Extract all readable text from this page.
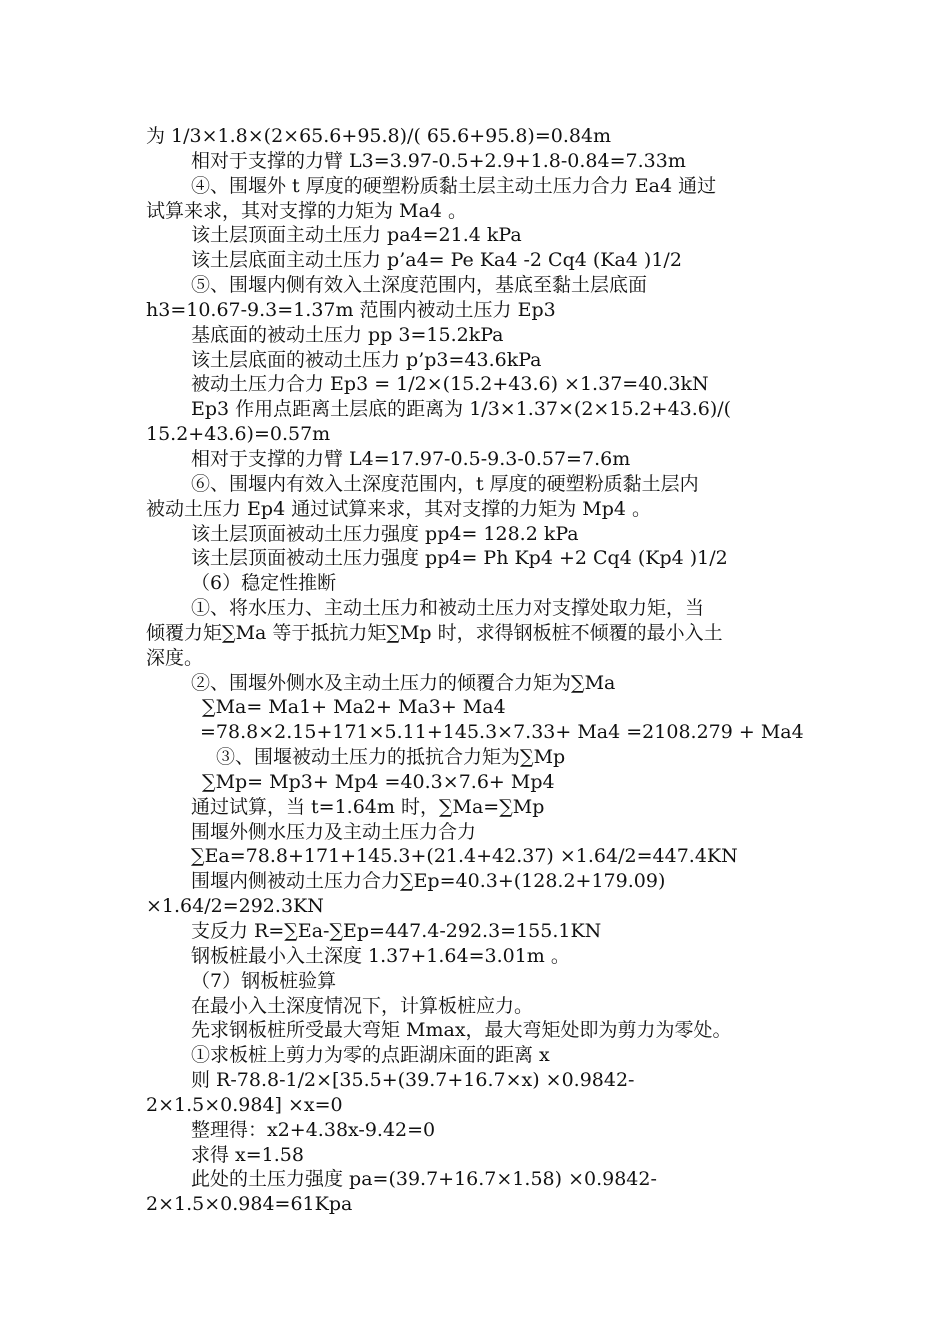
为 1/3×1.8×(2×65.6+95.8)/( 65.6+95.8)=0.84m
相对于支撑的力臂 L3=3.97-0.5+2.9+1.8-0.84=7.33m
④、围堰外 t 厚度的硬塑粉质黏土层主动土压力合力 Ea4 通过
试算来求，其对支撑的力矩为 Ma4 。
该土层顶面主动土压力 pa4=21.4 kPa
该土层底面主动土压力 p’a4= Pe Ka4 -2 Cq4 (Ka4 )1/2
⑤、围堰内侧有效入土深度范围内，基底至黏土层底面
h3=10.67-9.3=1.37m 范围内被动土压力 Ep3
基底面的被动土压力 pp 3=15.2kPa
该土层底面的被动土压力 p’p3=43.6kPa
被动土压力合力 Ep3 = 1/2×(15.2+43.6) ×1.37=40.3kN
Ep3 作用点距离土层底的距离为 1/3×1.37×(2×15.2+43.6)/(
15.2+43.6)=0.57m
相对于支撑的力臂 L4=17.97-0.5-9.3-0.57=7.6m
⑥、围堰内有效入土深度范围内，t 厚度的硬塑粉质黏土层内
被动土压力 Ep4 通过试算来求，其对支撑的力矩为 Mp4 。
该土层顶面被动土压力强度 pp4= 128.2 kPa
该土层顶面被动土压力强度 pp4= Ph Kp4 +2 Cq4 (Kp4 )1/2
（6）稳定性推断
①、将水压力、主动土压力和被动土压力对支撑处取力矩，当
倾覆力矩∑Ma 等于抵抗力矩∑Mp 时，求得钢板桩不倾覆的最小入土
深度。
②、围堰外侧水及主动土压力的倾覆合力矩为∑Ma
∑Ma= Ma1+ Ma2+ Ma3+ Ma4
=78.8×2.15+171×5.11+145.3×7.33+ Ma4 =2108.279 + Ma4
③、围堰被动土压力的抵抗合力矩为∑Mp
∑Mp= Mp3+ Mp4 =40.3×7.6+ Mp4
通过试算，当 t=1.64m 时，∑Ma=∑Mp
围堰外侧水压力及主动土压力合力
∑Ea=78.8+171+145.3+(21.4+42.37) ×1.64/2=447.4KN
围堰内侧被动土压力合力∑Ep=40.3+(128.2+179.09)
×1.64/2=292.3KN
支反力 R=∑Ea-∑Ep=447.4-292.3=155.1KN
钢板桩最小入土深度 1.37+1.64=3.01m 。
（7）钢板桩验算
在最小入土深度情况下，计算板桩应力。
先求钢板桩所受最大弯矩 Mmax，最大弯矩处即为剪力为零处。
①求板桩上剪力为零的点距湖床面的距离 x
则 R-78.8-1/2×[35.5+(39.7+16.7×x) ×0.9842-
2×1.5×0.984] ×x=0
整理得：x2+4.38x-9.42=0
求得 x=1.58
此处的土压力强度 pa=(39.7+16.7×1.58) ×0.9842-
2×1.5×0.984=61Kpa
